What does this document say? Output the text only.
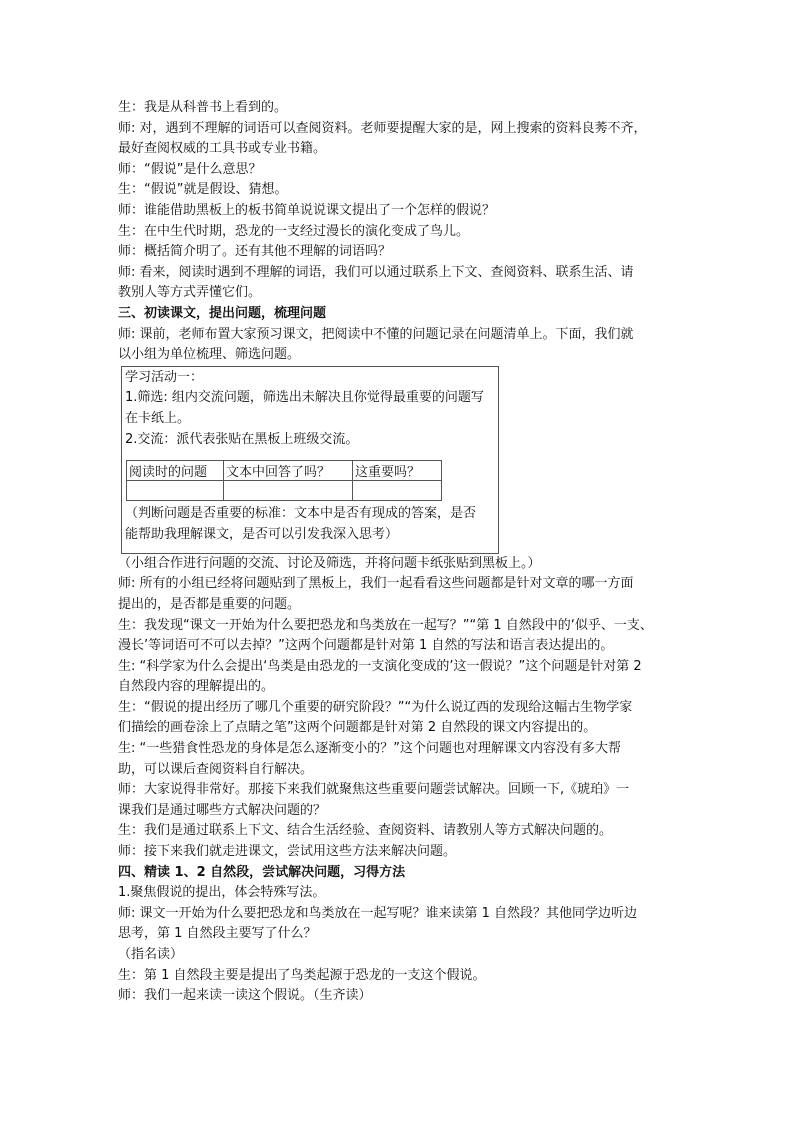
生：我是从科普书上看到的。

师: 对，遇到不理解的词语可以查阅资料。老师要提醒大家的是，网上搜索的资料良莠不齐，

最好查阅权威的工具书或专业书籍。

师：“假说”是什么意思？

生：“假说”就是假设、猜想。

师：谁能借助黑板上的板书简单说说课文提出了一个怎样的假说？

生：在中生代时期，恐龙的一支经过漫长的演化变成了鸟儿。

师：概括简介明了。还有其他不理解的词语吗？

师: 看来，阅读时遇到不理解的词语，我们可以通过联系上下文、查阅资料、联系生活、请

教别人等方式弄懂它们。

三、初读课文，提出问题，梳理问题

师: 课前，老师布置大家预习课文，把阅读中不懂的问题记录在问题清单上。下面，我们就

以小组为单位梳理、筛选问题。

学习活动一：

1.筛选: 组内交流问题，筛选出未解决且你觉得最重要的问题写

在卡纸上。

2.交流：派代表张贴在黑板上班级交流。

阅读时的问题	文本中回答了吗？	这重要吗？

（判断问题是否重要的标准：文本中是否有现成的答案，是否

能帮助我理解课文，是否可以引发我深入思考）

（小组合作进行问题的交流、讨论及筛选，并将问题卡纸张贴到黑板上。）

师: 所有的小组已经将问题贴到了黑板上，我们一起看看这些问题都是针对文章的哪一方面

提出的，是否都是重要的问题。

生：我发现“课文一开始为什么要把恐龙和鸟类放在一起写？”“第 1 自然段中的‘似乎、一支、

漫长’等词语可不可以去掉？”这两个问题都是针对第 1 自然的写法和语言表达提出的。

生: “科学家为什么会提出‘鸟类是由恐龙的一支演化变成的’这一假说？”这个问题是针对第 2

自然段内容的理解提出的。

生：“假说的提出经历了哪几个重要的研究阶段？”“为什么说辽西的发现给这幅古生物学家

们描绘的画卷涂上了点睛之笔”这两个问题都是针对第 2 自然段的课文内容提出的。

生: “一些猎食性恐龙的身体是怎么逐渐变小的？”这个问题也对理解课文内容没有多大帮

助，可以课后查阅资料自行解决。

师：大家说得非常好。那接下来我们就聚焦这些重要问题尝试解决。回顾一下,《琥珀》一

课我们是通过哪些方式解决问题的？

生：我们是通过联系上下文、结合生活经验、查阅资料、请教别人等方式解决问题的。

师：接下来我们就走进课文，尝试用这些方法来解决问题。

四、精读 1、2 自然段，尝试解决问题，习得方法

1.聚焦假说的提出，体会特殊写法。

师: 课文一开始为什么要把恐龙和鸟类放在一起写呢？谁来读第 1 自然段？其他同学边听边

思考，第 1 自然段主要写了什么？

（指名读）

生：第 1 自然段主要是提出了鸟类起源于恐龙的一支这个假说。

师：我们一起来读一读这个假说。（生齐读）
